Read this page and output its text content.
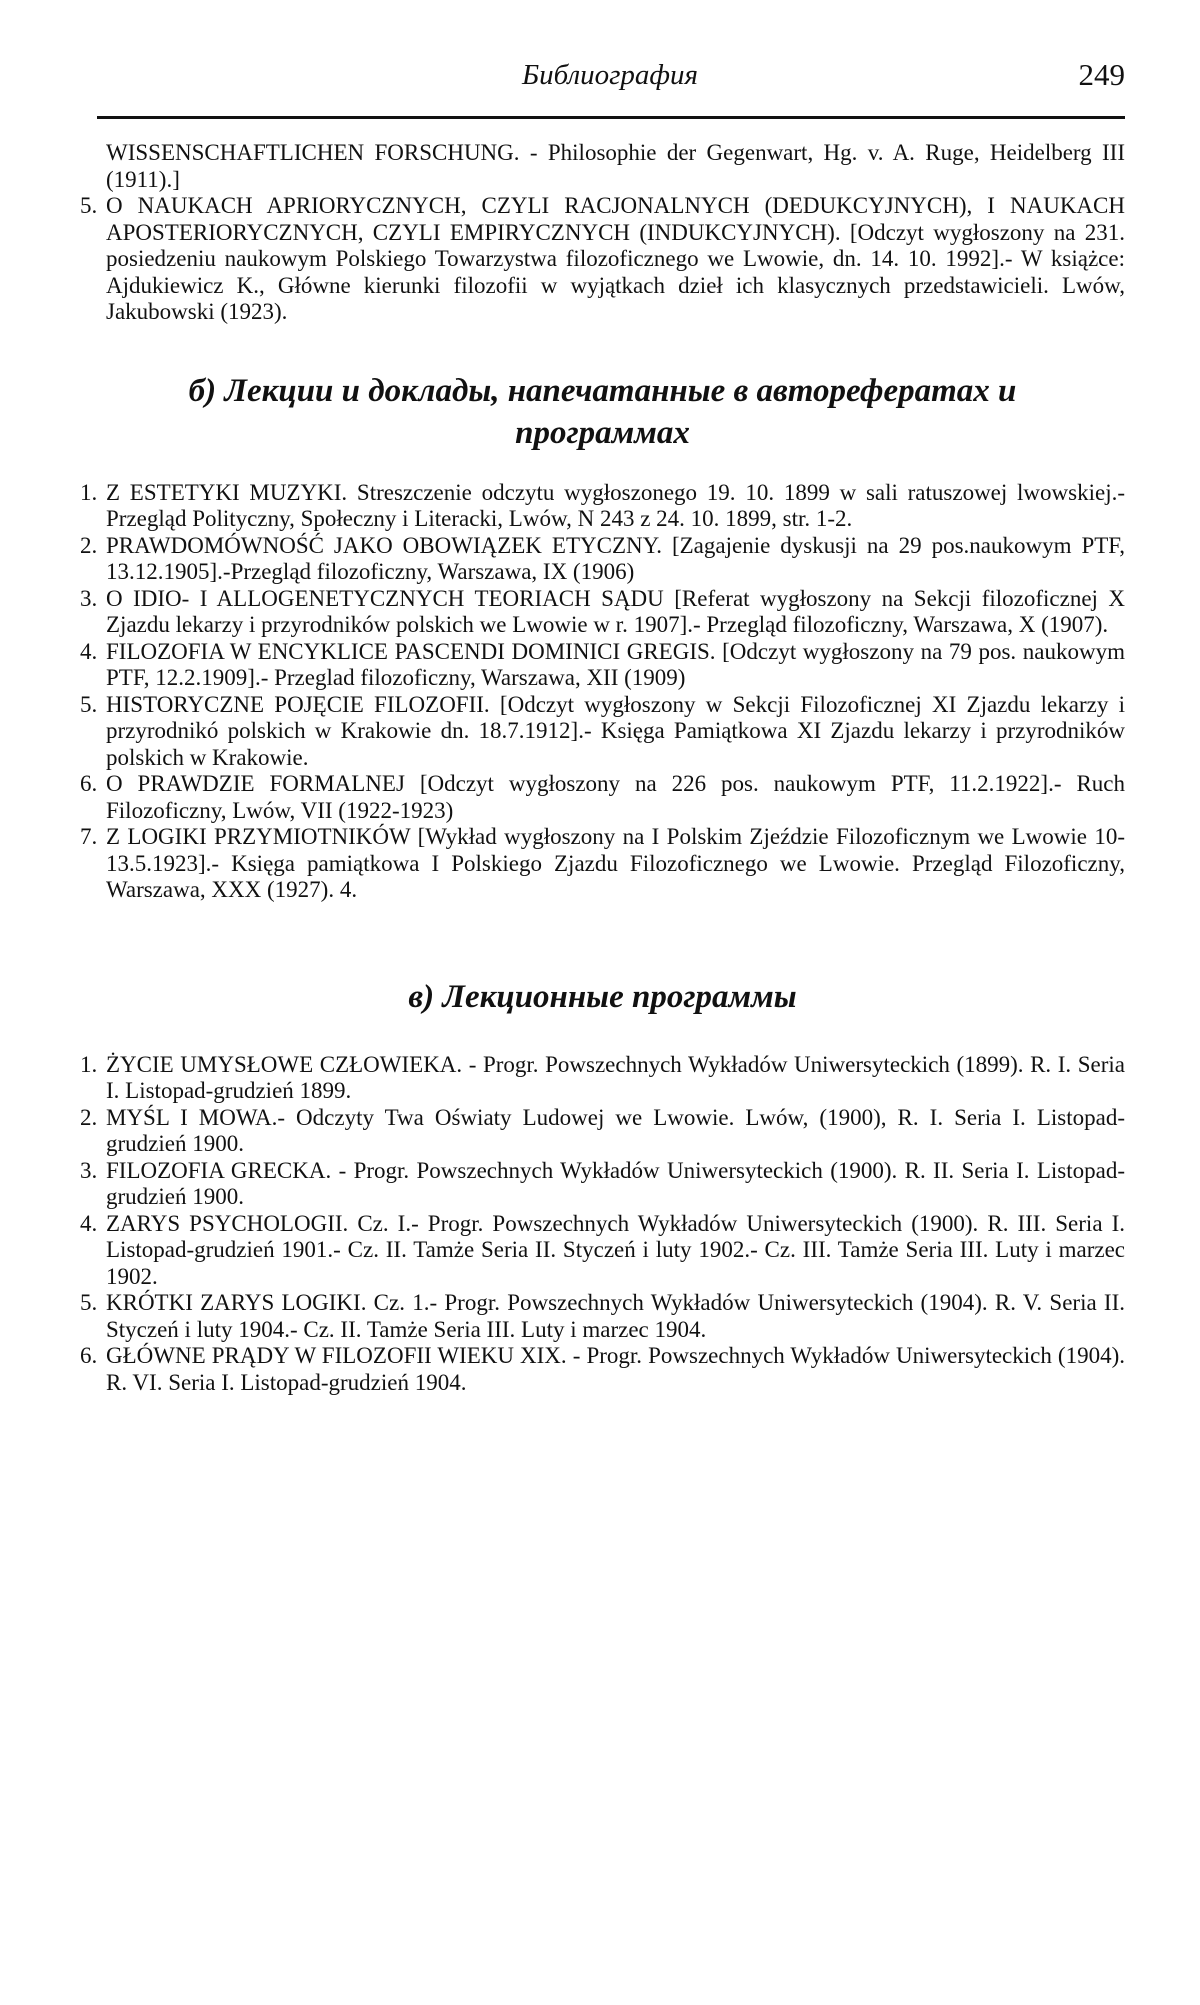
Библиография	249
WISSENSCHAFTLICHEN FORSCHUNG. - Philosophie der Gegenwart, Hg. v. A. Ruge, Heidelberg III (1911).]
5. O NAUKACH APRIORYCZNYCH, CZYLI RACJONALNYCH (DEDUKCYJNYCH), I NAUKACH APOSTERIORYCZNYCH, CZYLI EMPIRYCZNYCH (INDUKCYJNYCH). [Odczyt wygłoszony na 231. posiedzeniu naukowym Polskiego Towarzystwa filozoficznego we Lwowie, dn. 14. 10. 1992].- W książce: Ajdukiewicz K., Główne kierunki filozofii w wyjątkach dzieł ich klasycznych przedstawicieli. Lwów, Jakubowski (1923).
б) Лекции и доклады, напечатанные в авторефератах и программах
1. Z ESTETYKI MUZYKI. Streszczenie odczytu wygłoszonego 19. 10. 1899 w sali ratuszowej lwowskiej.- Przegląd Polityczny, Społeczny i Literacki, Lwów, N 243 z 24. 10. 1899, str. 1-2.
2. PRAWDOMÓWNOŚĆ JAKO OBOWIĄZEK ETYCZNY. [Zagajenie dyskusji na 29 pos.naukowym PTF, 13.12.1905].-Przegląd filozoficzny, Warszawa, IX (1906)
3. O IDIO- I ALLOGENETYCZNYCH TEORIACH SĄDU [Referat wygłoszony na Sekcji filozoficznej X Zjazdu lekarzy i przyrodników polskich we Lwowie w r. 1907].- Przegląd filozoficzny, Warszawa, X (1907).
4. FILOZOFIA W ENCYKLICE PASCENDI DOMINICI GREGIS. [Odczyt wygłoszony na 79 pos. naukowym PTF, 12.2.1909].- Przeglad filozoficzny, Warszawa, XII (1909)
5. HISTORYCZNE POJĘCIE FILOZOFII. [Odczyt wygłoszony w Sekcji Filozoficznej XI Zjazdu lekarzy i przyrodnikó polskich w Krakowie dn. 18.7.1912].- Księga Pamiątkowa XI Zjazdu lekarzy i przyrodników polskich w Krakowie.
6. O PRAWDZIE FORMALNEJ [Odczyt wygłoszony na 226 pos. naukowym PTF, 11.2.1922].- Ruch Filozoficzny, Lwów, VII (1922-1923)
7. Z LOGIKI PRZYMIOTNIKÓW [Wykład wygłoszony na I Polskim Zjeździe Filozoficznym we Lwowie 10-13.5.1923].- Księga pamiątkowa I Polskiego Zjazdu Filozoficznego we Lwowie. Przegląd Filozoficzny, Warszawa, XXX (1927). 4.
в) Лекционные программы
1. ŻYCIE UMYSŁOWE CZŁOWIEKA. - Progr. Powszechnych Wykładów Uniwersyteckich (1899). R. I. Seria I. Listopad-grudzień 1899.
2. MYŚL I MOWA.- Odczyty Twa Oświaty Ludowej we Lwowie. Lwów, (1900), R. I. Seria I. Listopad-grudzień 1900.
3. FILOZOFIA GRECKA. - Progr. Powszechnych Wykładów Uniwersyteckich (1900). R. II. Seria I. Listopad-grudzień 1900.
4. ZARYS PSYCHOLOGII. Cz. I.- Progr. Powszechnych Wykładów Uniwersyteckich (1900). R. III. Seria I. Listopad-grudzień 1901.- Cz. II. Tamże Seria II. Styczeń i luty 1902.- Cz. III. Tamże Seria III. Luty i marzec 1902.
5. KRÓTKI ZARYS LOGIKI. Cz. 1.- Progr. Powszechnych Wykładów Uniwersyteckich (1904). R. V. Seria II. Styczeń i luty 1904.- Cz. II. Tamże Seria III. Luty i marzec 1904.
6. GŁÓWNE PRĄDY W FILOZOFII WIEKU XIX. - Progr. Powszechnych Wykładów Uniwersyteckich (1904). R. VI. Seria I. Listopad-grudzień 1904.
